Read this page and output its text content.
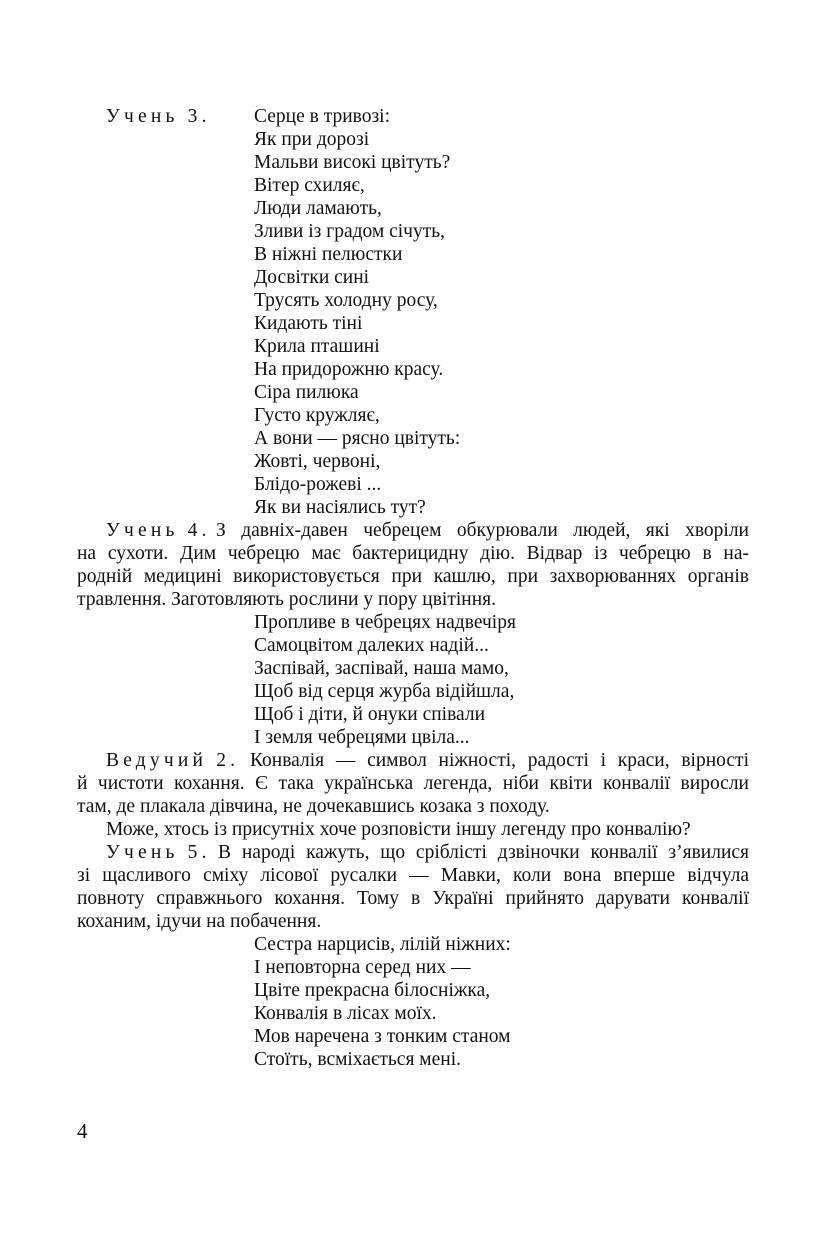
Учень 3. Серце в тривозі:
Як при дорозі
Мальви високі цвітуть?
Вітер схиляє,
Люди ламають,
Зливи із градом січуть,
В ніжні пелюстки
Досвітки сині
Трусять холодну росу,
Кидають тіні
Крила пташині
На придорожню красу.
Сіра пилюка
Густо кружляє,
А вони — рясно цвітуть:
Жовті, червоні,
Блідо-рожеві ...
Як ви насіялись тут?
Учень 4. З давніх-давен чебрецем обкурювали людей, які хворіли
на сухоти. Дим чебрецю має бактерицидну дію. Відвар із чебрецю в на-
родній медицині використовується при кашлю, при захворюваннях органів
травлення. Заготовляють рослини у пору цвітіння.
Пропливе в чебрецях надвечіря
Самоцвітом далеких надій...
Заспівай, заспівай, наша мамо,
Щоб від серця журба відійшла,
Щоб і діти, й онуки співали
І земля чебрецями цвіла...
Ведучий 2. Конвалія — символ ніжності, радості і краси, вірності
й чистоти кохання. Є така українська легенда, ніби квіти конвалії виросли
там, де плакала дівчина, не дочекавшись козака з походу.
Може, хтось із присутніх хоче розповісти іншу легенду про конвалію?
Учень 5. В народі кажуть, що сріблісті дзвіночки конвалії з’явилися
зі щасливого сміху лісової русалки — Мавки, коли вона вперше відчула
повноту справжнього кохання. Тому в Україні прийнято дарувати конвалії
коханим, ідучи на побачення.
Сестра нарцисів, лілій ніжних:
І неповторна серед них —
Цвіте прекрасна білосніжка,
Конвалія в лісах моїх.
Мов наречена з тонким станом
Стоїть, всміхається мені.
4
